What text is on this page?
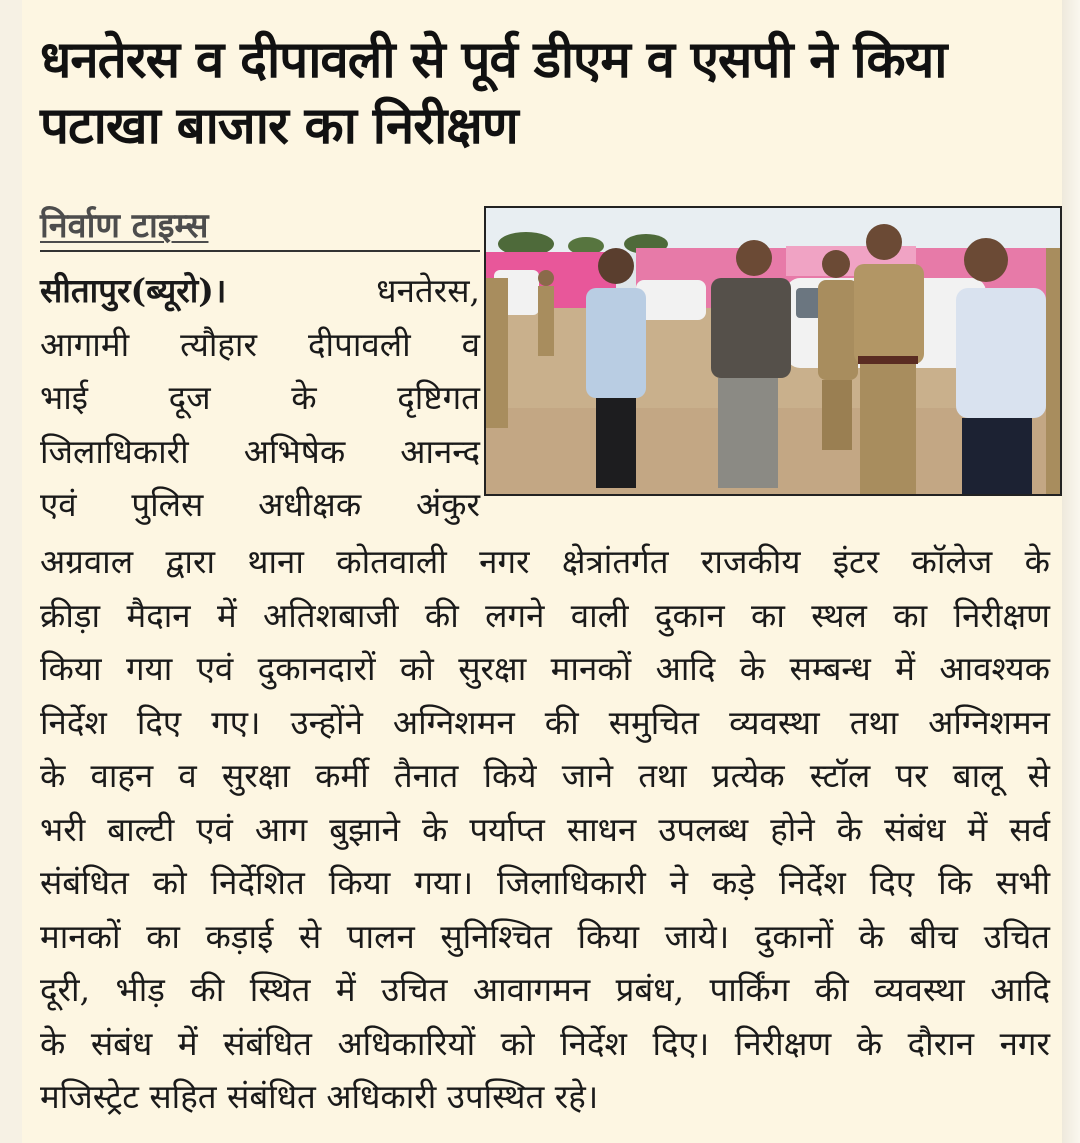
धनतेरस व दीपावली से पूर्व डीएम व एसपी ने किया पटाखा बाजार का निरीक्षण
निर्वाण टाइम्स
सीतापुर(ब्यूरो)।	धनतेरस,
आगामी त्यौहार दीपावली व
भाई दूज के दृष्टिगत
जिलाधिकारी अभिषेक आनन्द
एवं पुलिस अधीक्षक अंकुर
अग्रवाल द्वारा थाना कोतवाली नगर क्षेत्रांतर्गत राजकीय इंटर कॉलेज के
क्रीड़ा मैदान में अतिशबाजी की लगने वाली दुकान का स्थल का निरीक्षण
किया गया एवं दुकानदारों को सुरक्षा मानकों आदि के सम्बन्ध में आवश्यक
निर्देश दिए गए। उन्होंने अग्निशमन की समुचित व्यवस्था तथा अग्निशमन
के वाहन व सुरक्षा कर्मी तैनात किये जाने तथा प्रत्येक स्टॉल पर बालू से
भरी बाल्टी एवं आग बुझाने के पर्याप्त साधन उपलब्ध होने के संबंध में सर्व
संबंधित को निर्देशित किया गया। जिलाधिकारी ने कड़े निर्देश दिए कि सभी
मानकों का कड़ाई से पालन सुनिश्चित किया जाये। दुकानों के बीच उचित
दूरी, भीड़ की स्थित में उचित आवागमन प्रबंध, पार्किंग की व्यवस्था आदि
के संबंध में संबंधित अधिकारियों को निर्देश दिए। निरीक्षण के दौरान नगर
मजिस्ट्रेट सहित संबंधित अधिकारी उपस्थित रहे।
